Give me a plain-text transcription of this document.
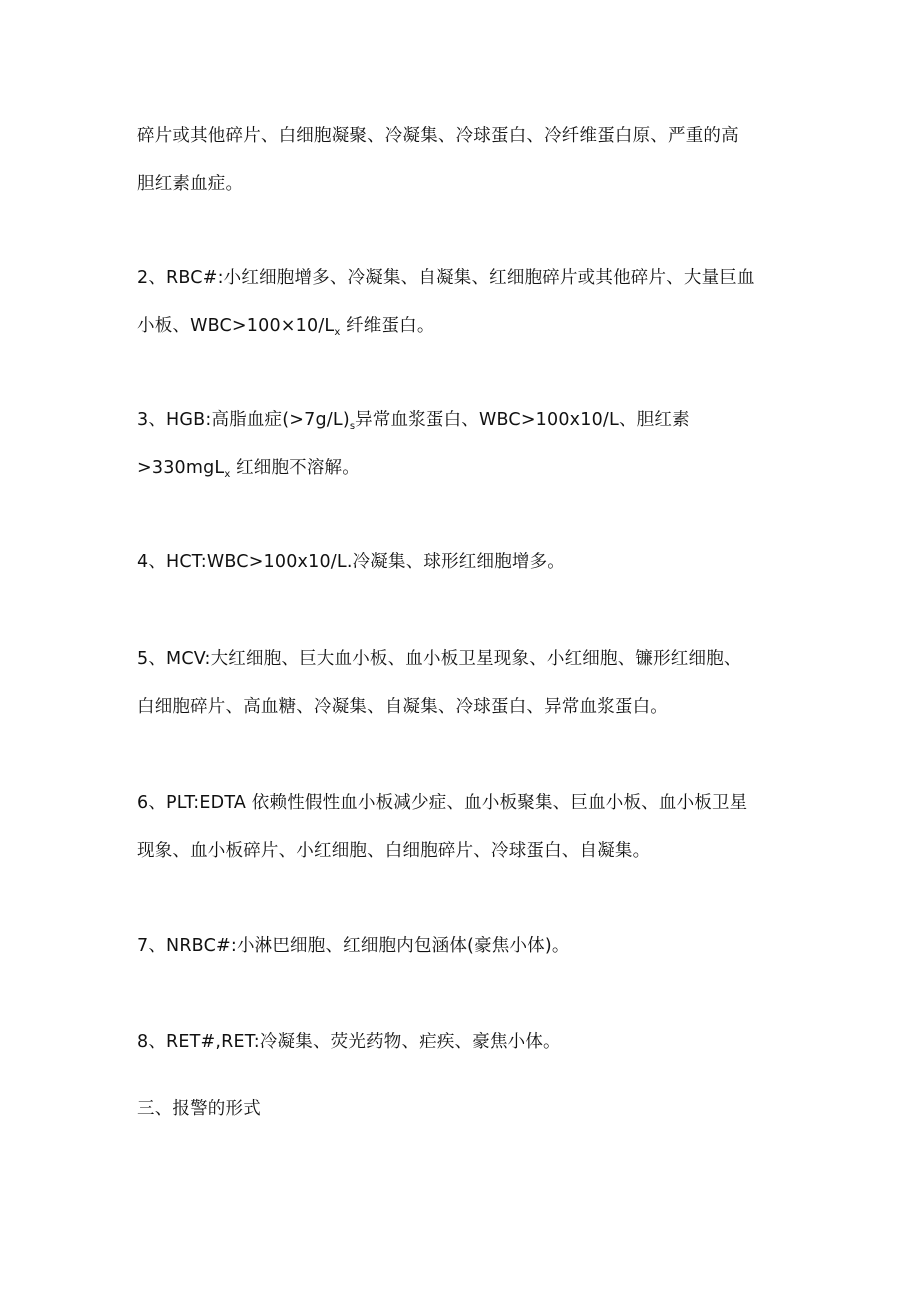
碎片或其他碎片、白细胞凝聚、冷凝集、冷球蛋白、冷纤维蛋白原、严重的高
胆红素血症。
2、RBC#:小红细胞增多、冷凝集、自凝集、红细胞碎片或其他碎片、大量巨血
小板、$WBC>100\times 10/L_x$ 纤维蛋白。
3、HGB:高脂血症$(>7g/L)_s$异常血浆蛋白、WBC>100x10/L、胆红素
>330mgL$_x$ 红细胞不溶解。
4、HCT:WBC>100x10/L.冷凝集、球形红细胞增多。
5、MCV:大红细胞、巨大血小板、血小板卫星现象、小红细胞、镰形红细胞、
白细胞碎片、高血糖、冷凝集、自凝集、冷球蛋白、异常血浆蛋白。
6、PLT:EDTA 依赖性假性血小板减少症、血小板聚集、巨血小板、血小板卫星
现象、血小板碎片、小红细胞、白细胞碎片、冷球蛋白、自凝集。
7、NRBC#:小淋巴细胞、红细胞内包涵体(豪焦小体)。
8、RET#,RET:冷凝集、荧光药物、疟疾、豪焦小体。
三、报警的形式
